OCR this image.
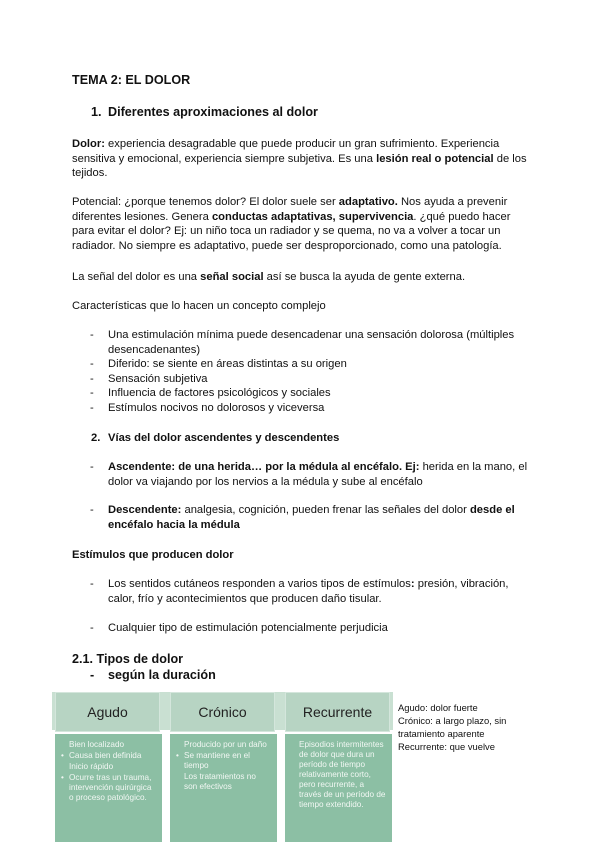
TEMA 2: EL DOLOR
1. Diferentes aproximaciones al dolor
Dolor: experiencia desagradable que puede producir un gran sufrimiento. Experiencia sensitiva y emocional, experiencia siempre subjetiva. Es una lesión real o potencial de los tejidos.
Potencial: ¿porque tenemos dolor? El dolor suele ser adaptativo. Nos ayuda a prevenir diferentes lesiones. Genera conductas adaptativas, supervivencia. ¿qué puedo hacer para evitar el dolor? Ej: un niño toca un radiador y se quema, no va a volver a tocar un radiador. No siempre es adaptativo, puede ser desproporcionado, como una patología.
La señal del dolor es una señal social así se busca la ayuda de gente externa.
Características que lo hacen un concepto complejo
- Una estimulación mínima puede desencadenar una sensación dolorosa (múltiples desencadenantes)
- Diferido: se siente en áreas distintas a su origen
- Sensación subjetiva
- Influencia de factores psicológicos y sociales
- Estímulos nocivos no dolorosos y viceversa
2. Vías del dolor ascendentes y descendentes
- Ascendente: de una herida… por la médula al encéfalo. Ej: herida en la mano, el dolor va viajando por los nervios a la médula y sube al encéfalo
- Descendente: analgesia, cognición, pueden frenar las señales del dolor desde el encéfalo hacia la médula
Estímulos que producen dolor
- Los sentidos cutáneos responden a varios tipos de estímulos: presión, vibración, calor, frío y acontecimientos que producen daño tisular.
- Cualquier tipo de estimulación potencialmente perjudicia
2.1. Tipos de dolor
- según la duración
Agudo	Crónico	Recurrente
Bien localizado
• Causa bien definida
Inicio rápido
• Ocurre tras un trauma, intervención quirúrgica o proceso patológico.
Producido por un daño
• Se mantiene en el tiempo
Los tratamientos no son efectivos
Episodios intermitentes de dolor que dura un período de tiempo relativamente corto, pero recurrente, a través de un período de tiempo extendido.
Agudo: dolor fuerte
Crónico: a largo plazo, sin tratamiento aparente
Recurrente: que vuelve
